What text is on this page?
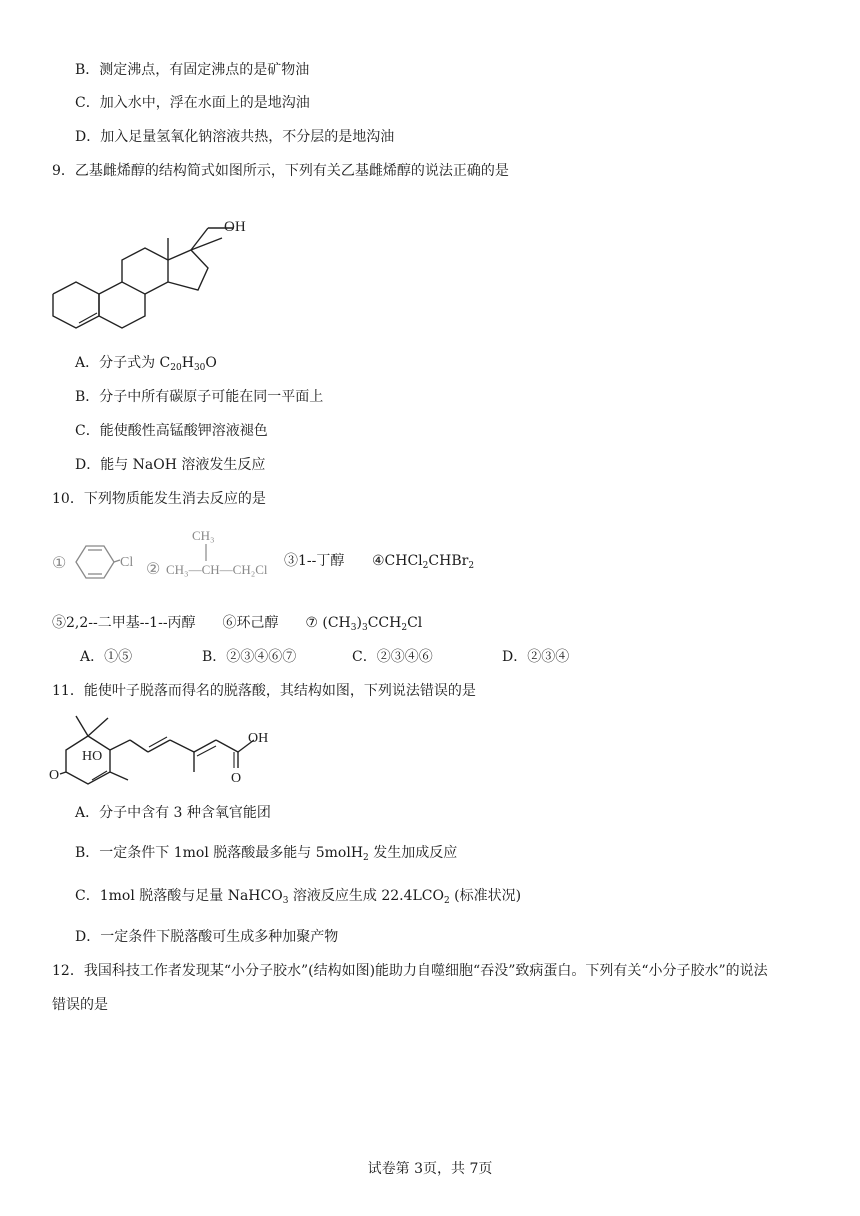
B．测定沸点，有固定沸点的是矿物油
C．加入水中，浮在水面上的是地沟油
D．加入足量氢氧化钠溶液共热，不分层的是地沟油
9．乙基雌烯醇的结构简式如图所示，下列有关乙基雌烯醇的说法正确的是
OH
A．分子式为 $C_{20}H_{30}O$
B．分子中所有碳原子可能在同一平面上
C．能使酸性高锰酸钾溶液褪色
D．能与 NaOH 溶液发生反应
10．下列物质能发生消去反应的是
①	Cl ②
CH₃
CH₃—CH—CH₂Cl
③1--丁醇 ④CHCl$_2$CHBr$_2$
⑤2,2--二甲基--1--丙醇 ⑥环己醇 ⑦ $(CH_3)_3CCH_2Cl$
A．①⑤	B．②③④⑥⑦	C．②③④⑥	D．②③④
11．能使叶子脱落而得名的脱落酸，其结构如图，下列说法错误的是
HO
OH
O	O
A．分子中含有 3 种含氧官能团
B．一定条件下 1mol 脱落酸最多能与 5molH$_2$ 发生加成反应
C．1mol 脱落酸与足量 NaHCO$_3$ 溶液反应生成 $22.4LCO_2$ (标准状况)
D．一定条件下脱落酸可生成多种加聚产物
12．我国科技工作者发现某“小分子胶水”(结构如图)能助力自噬细胞“吞没”致病蛋白。下列有关“小分子胶水”的说法
错误的是
试卷第 3页，共 7页
